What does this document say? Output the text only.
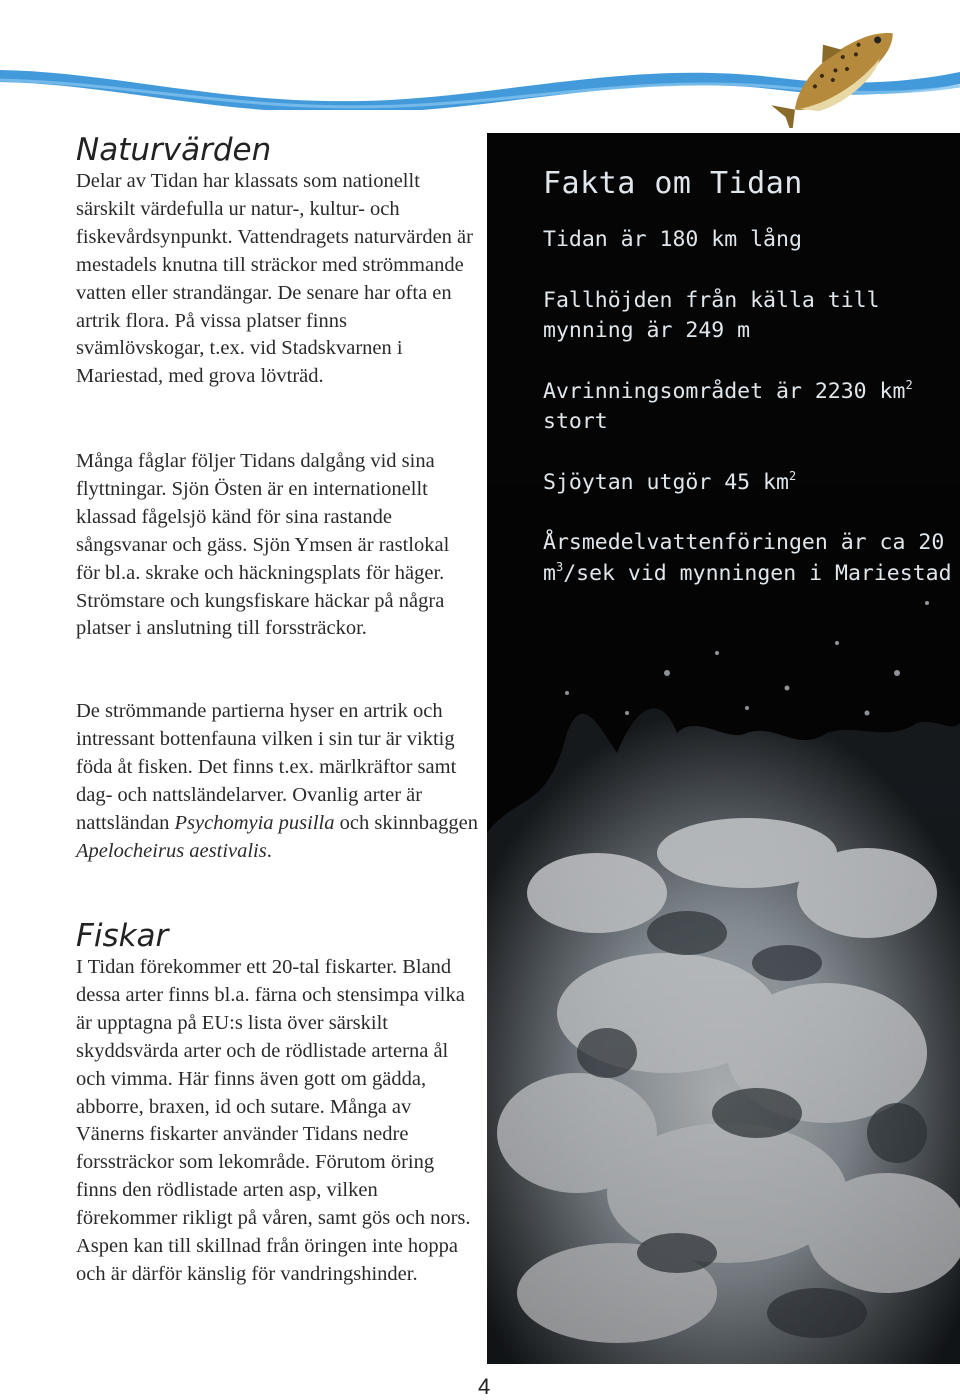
Naturvärden

Delar av Tidan har klassats som nationellt särskilt värdefulla ur natur-, kultur- och fiskevårdsynpunkt. Vattendragets naturvärden är mestadels knutna till sträckor med strömmande vatten eller strandängar. De senare har ofta en artrik flora. På vissa platser finns svämlövskogar, t.ex. vid Stadskvarnen i Mariestad, med grova lövträd.

Många fåglar följer Tidans dalgång vid sina flyttningar. Sjön Östen är en internationellt klassad fågelsjö känd för sina rastande sångsvanar och gäss. Sjön Ymsen är rastlokal för bl.a. skrake och häckningsplats för häger. Strömstare och kungsfiskare häckar på några platser i anslutning till forssträckor.

De strömmande partierna hyser en artrik och intressant bottenfauna vilken i sin tur är viktig föda åt fisken. Det finns t.ex. märlkräftor samt dag- och nattsländelarver. Ovanlig arter är nattsländan Psychomyia pusilla och skinnbaggen Apelocheirus aestivalis.

Fiskar

I Tidan förekommer ett 20-tal fiskarter. Bland dessa arter finns bl.a. färna och stensimpa vilka är upptagna på EU:s lista över särskilt skyddsvärda arter och de rödlistade arterna ål och vimma. Här finns även gott om gädda, abborre, braxen, id och sutare. Många av Vänerns fiskarter använder Tidans nedre forssträckor som lekområde. Förutom öring finns den rödlistade arten asp, vilken förekommer rikligt på våren, samt gös och nors. Aspen kan till skillnad från öringen inte hoppa och är därför känslig för vandringshinder.

Fakta om Tidan

Tidan är 180 km lång

Fallhöjden från källa till mynning är 249 m

Avrinningsområdet är 2230 $km^2$ stort

Sjöytan utgör 45 $km^2$

Årsmedelvattenföringen är ca 20 $m^3$/sek vid mynningen i Mariestad

4
